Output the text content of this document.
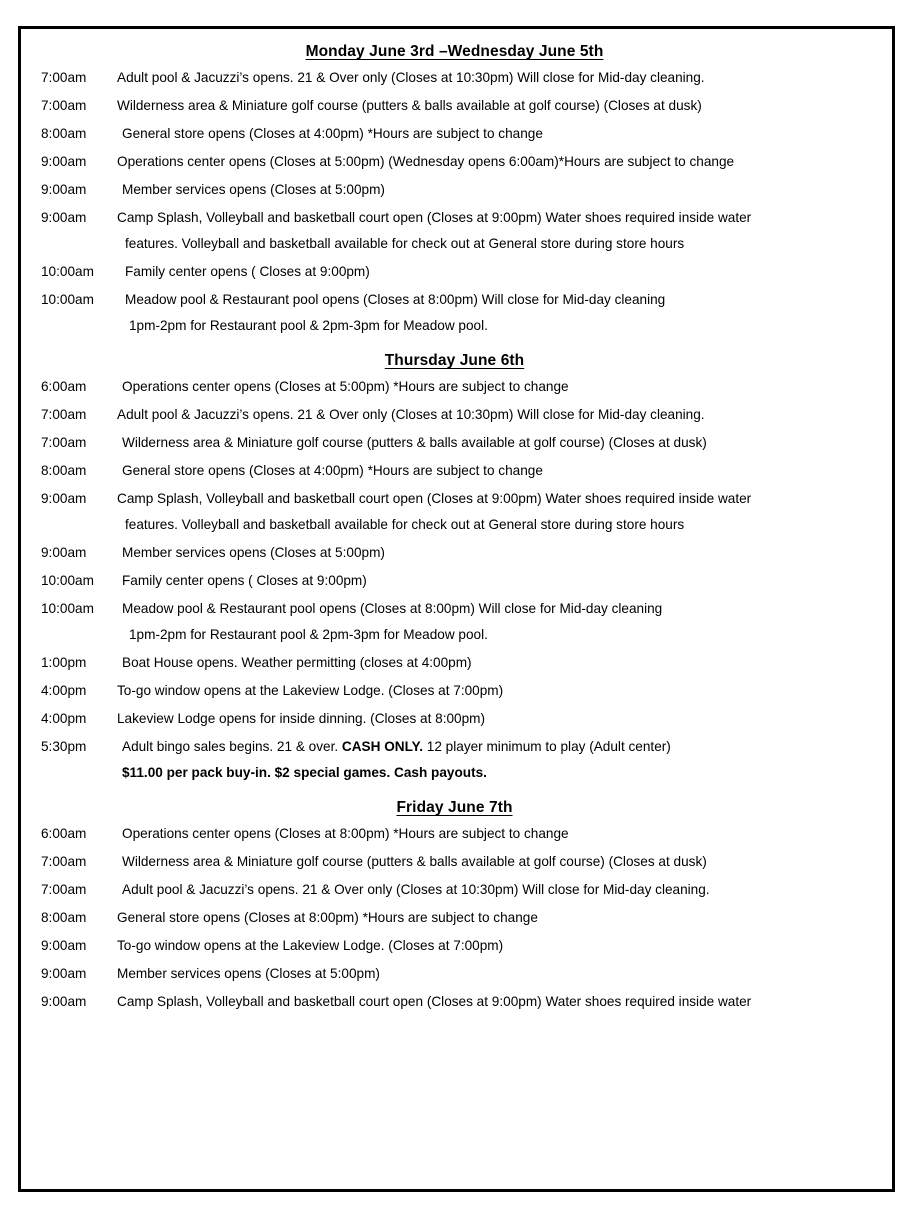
Monday June 3rd –Wednesday June 5th
7:00am	Adult pool & Jacuzzi’s opens. 21 & Over only (Closes at 10:30pm) Will close for Mid-day cleaning.
7:00am	Wilderness area & Miniature golf course (putters & balls available at golf course) (Closes at dusk)
8:00am	General store opens (Closes at 4:00pm) *Hours are subject to change
9:00am	Operations center opens (Closes at 5:00pm) (Wednesday opens 6:00am)*Hours are subject to change
9:00am	Member services opens (Closes at 5:00pm)
9:00am	Camp Splash, Volleyball and basketball court open (Closes at 9:00pm) Water shoes required inside water
features. Volleyball and basketball available for check out at General store during store hours
10:00am	Family center opens ( Closes at 9:00pm)
10:00am	Meadow pool & Restaurant pool opens (Closes at 8:00pm) Will close for Mid-day cleaning
1pm-2pm for Restaurant pool & 2pm-3pm for Meadow pool.
Thursday June 6th
6:00am	Operations center opens (Closes at 5:00pm) *Hours are subject to change
7:00am	Adult pool & Jacuzzi’s opens. 21 & Over only (Closes at 10:30pm) Will close for Mid-day cleaning.
7:00am	Wilderness area & Miniature golf course (putters & balls available at golf course) (Closes at dusk)
8:00am	General store opens (Closes at 4:00pm) *Hours are subject to change
9:00am	Camp Splash, Volleyball and basketball court open (Closes at 9:00pm) Water shoes required inside water
features. Volleyball and basketball available for check out at General store during store hours
9:00am	Member services opens (Closes at 5:00pm)
10:00am	Family center opens ( Closes at 9:00pm)
10:00am	Meadow pool & Restaurant pool opens (Closes at 8:00pm) Will close for Mid-day cleaning
1pm-2pm for Restaurant pool & 2pm-3pm for Meadow pool.
1:00pm	Boat House opens. Weather permitting (closes at 4:00pm)
4:00pm	To-go window opens at the Lakeview Lodge. (Closes at 7:00pm)
4:00pm	Lakeview Lodge opens for inside dinning. (Closes at 8:00pm)
5:30pm	Adult bingo sales begins. 21 & over. CASH ONLY. 12 player minimum to play (Adult center)
$11.00 per pack buy-in. $2 special games. Cash payouts.
Friday June 7th
6:00am	Operations center opens (Closes at 8:00pm) *Hours are subject to change
7:00am	Wilderness area & Miniature golf course (putters & balls available at golf course) (Closes at dusk)
7:00am	Adult pool & Jacuzzi’s opens. 21 & Over only (Closes at 10:30pm) Will close for Mid-day cleaning.
8:00am	General store opens (Closes at 8:00pm) *Hours are subject to change
9:00am	To-go window opens at the Lakeview Lodge. (Closes at 7:00pm)
9:00am	Member services opens (Closes at 5:00pm)
9:00am	Camp Splash, Volleyball and basketball court open (Closes at 9:00pm) Water shoes required inside water
